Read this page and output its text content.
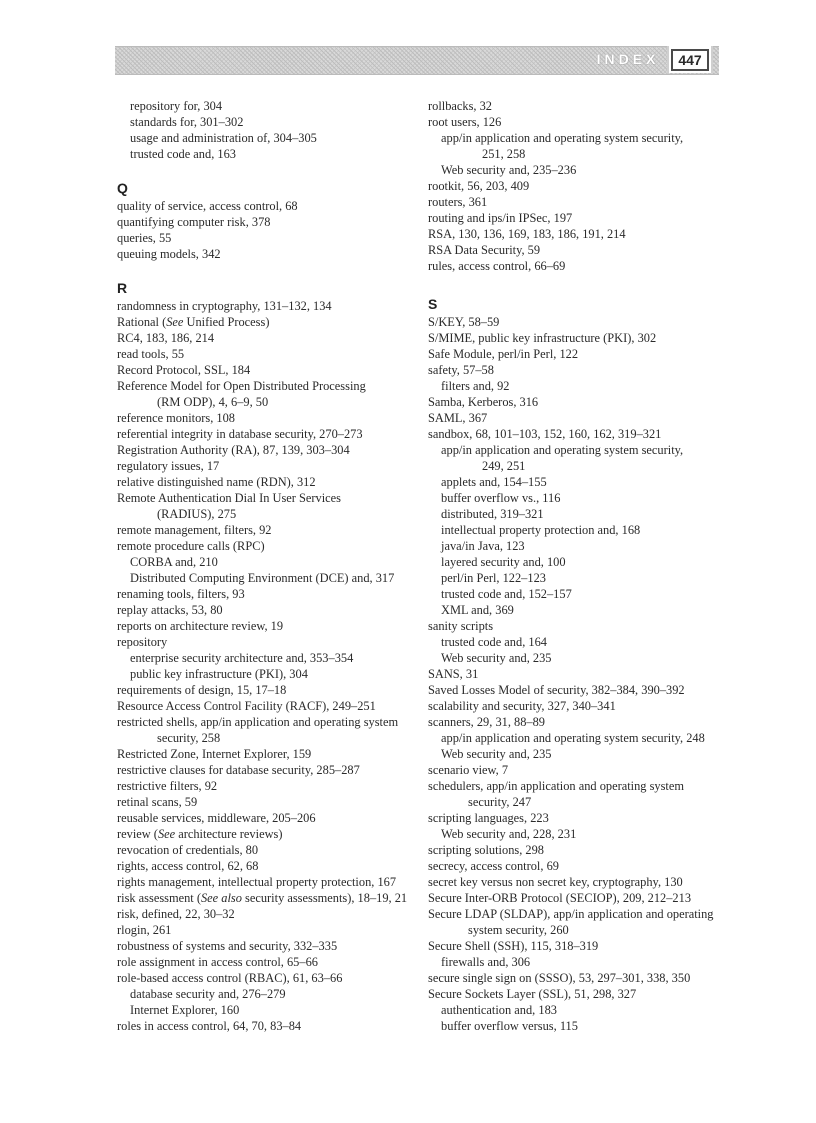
INDEX	447

repository for, 304

standards for, 301–302

usage and administration of, 304–305

trusted code and, 163

Q

quality of service, access control, 68

quantifying computer risk, 378

queries, 55

queuing models, 342

R

randomness in cryptography, 131–132, 134

Rational (See Unified Process)

RC4, 183, 186, 214

read tools, 55

Record Protocol, SSL, 184

Reference Model for Open Distributed Processing

(RM ODP), 4, 6–9, 50

reference monitors, 108

referential integrity in database security, 270–273

Registration Authority (RA), 87, 139, 303–304

regulatory issues, 17

relative distinguished name (RDN), 312

Remote Authentication Dial In User Services

(RADIUS), 275

remote management, filters, 92

remote procedure calls (RPC)

CORBA and, 210

Distributed Computing Environment (DCE) and, 317

renaming tools, filters, 93

replay attacks, 53, 80

reports on architecture review, 19

repository

enterprise security architecture and, 353–354

public key infrastructure (PKI), 304

requirements of design, 15, 17–18

Resource Access Control Facility (RACF), 249–251

restricted shells, app/in application and operating system

security, 258

Restricted Zone, Internet Explorer, 159

restrictive clauses for database security, 285–287

restrictive filters, 92

retinal scans, 59

reusable services, middleware, 205–206

review (See architecture reviews)

revocation of credentials, 80

rights, access control, 62, 68

rights management, intellectual property protection, 167

risk assessment (See also security assessments), 18–19, 21

risk, defined, 22, 30–32

rlogin, 261

robustness of systems and security, 332–335

role assignment in access control, 65–66

role-based access control (RBAC), 61, 63–66

database security and, 276–279

Internet Explorer, 160

roles in access control, 64, 70, 83–84

rollbacks, 32

root users, 126

app/in application and operating system security,

251, 258

Web security and, 235–236

rootkit, 56, 203, 409

routers, 361

routing and ips/in IPSec, 197

RSA, 130, 136, 169, 183, 186, 191, 214

RSA Data Security, 59

rules, access control, 66–69

S

S/KEY, 58–59

S/MIME, public key infrastructure (PKI), 302

Safe Module, perl/in Perl, 122

safety, 57–58

filters and, 92

Samba, Kerberos, 316

SAML, 367

sandbox, 68, 101–103, 152, 160, 162, 319–321

app/in application and operating system security,

249, 251

applets and, 154–155

buffer overflow vs., 116

distributed, 319–321

intellectual property protection and, 168

java/in Java, 123

layered security and, 100

perl/in Perl, 122–123

trusted code and, 152–157

XML and, 369

sanity scripts

trusted code and, 164

Web security and, 235

SANS, 31

Saved Losses Model of security, 382–384, 390–392

scalability and security, 327, 340–341

scanners, 29, 31, 88–89

app/in application and operating system security, 248

Web security and, 235

scenario view, 7

schedulers, app/in application and operating system

security, 247

scripting languages, 223

Web security and, 228, 231

scripting solutions, 298

secrecy, access control, 69

secret key versus non secret key, cryptography, 130

Secure Inter-ORB Protocol (SECIOP), 209, 212–213

Secure LDAP (SLDAP), app/in application and operating

system security, 260

Secure Shell (SSH), 115, 318–319

firewalls and, 306

secure single sign on (SSSO), 53, 297–301, 338, 350

Secure Sockets Layer (SSL), 51, 298, 327

authentication and, 183

buffer overflow versus, 115
